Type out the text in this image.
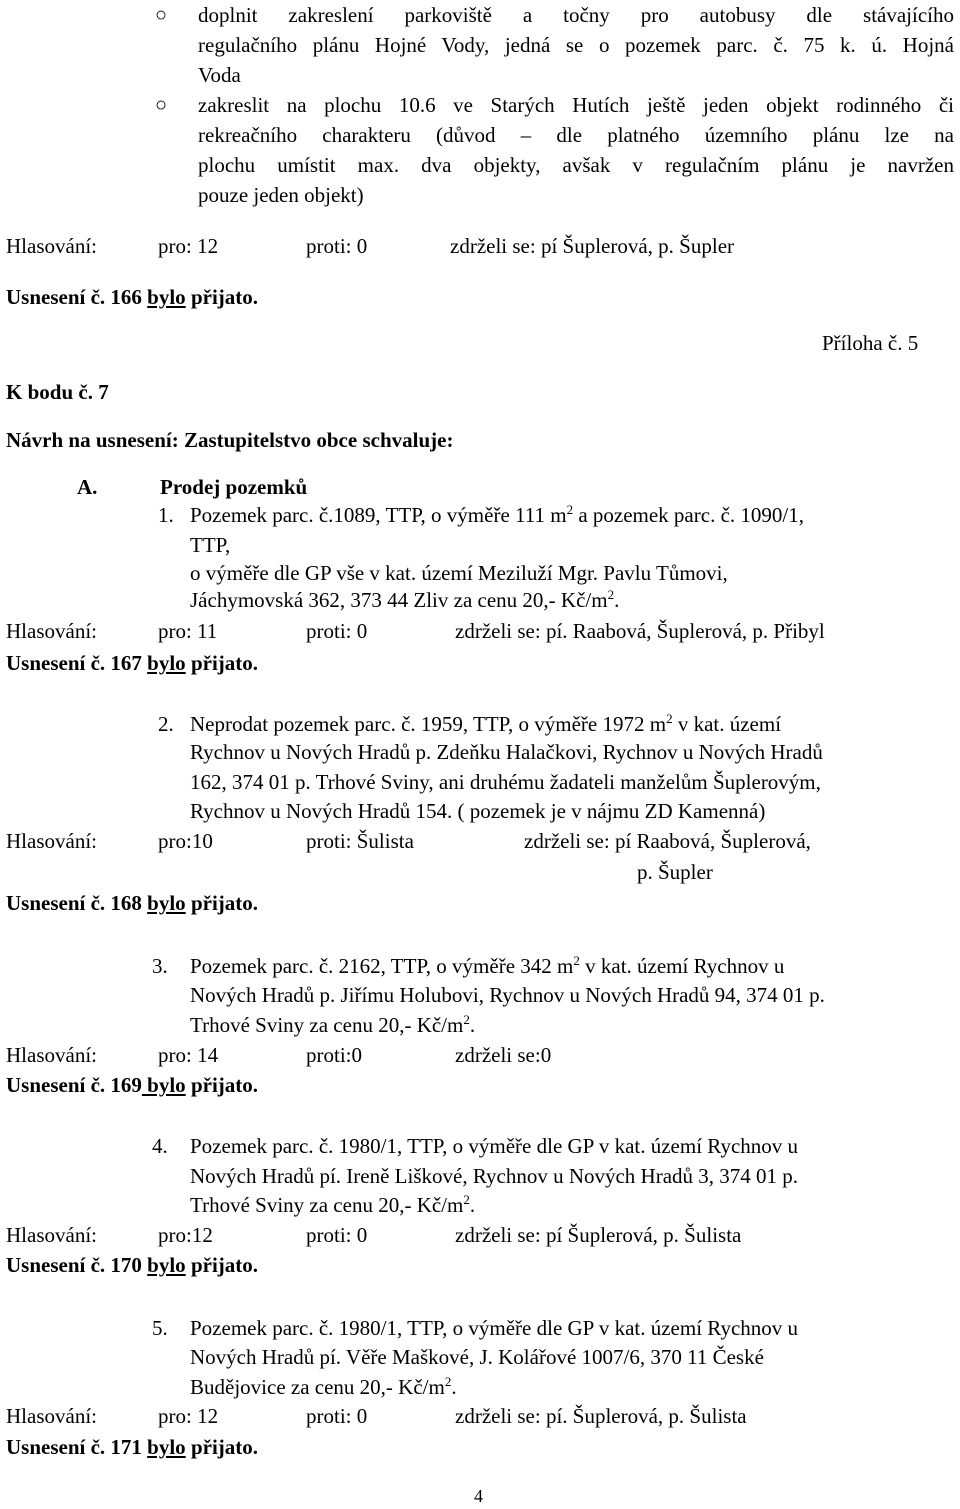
○ doplnit zakreslení parkoviště a točny pro autobusy dle stávajícího
regulačního plánu Hojné Vody, jedná se o pozemek parc. č. 75 k. ú. Hojná
Voda
○ zakreslit na plochu 10.6 ve Starých Hutích ještě jeden objekt rodinného či
rekreačního charakteru (důvod – dle platného územního plánu lze na
plochu umístit max. dva objekty, avšak v regulačním plánu je navržen
pouze jeden objekt)
Hlasování:	pro: 12	proti: 0	zdrželi se: pí Šuplerová, p. Šupler
Usnesení č. 166 bylo přijato.
Příloha č. 5
K bodu č. 7
Návrh na usnesení: Zastupitelstvo obce schvaluje:
A.	Prodej pozemků
1. Pozemek parc. č.1089, TTP, o výměře 111 $m^2$ a pozemek parc. č. 1090/1,
TTP,
o výměře dle GP vše v kat. území Meziluží Mgr. Pavlu Tůmovi,
Jáchymovská 362, 373 44 Zliv za cenu 20,- $Kč/m^2$.
Hlasování:	pro: 11	proti: 0	zdrželi se: pí. Raabová, Šuplerová, p. Přibyl
Usnesení č. 167 bylo přijato.
2. Neprodat pozemek parc. č. 1959, TTP, o výměře 1972 $m^2$ v kat. území
Rychnov u Nových Hradů p. Zdeňku Halačkovi, Rychnov u Nových Hradů
162, 374 01 p. Trhové Sviny, ani druhému žadateli manželům Šuplerovým,
Rychnov u Nových Hradů 154. ( pozemek je v nájmu ZD Kamenná)
Hlasování:	pro:10	proti: Šulista	zdrželi se: pí Raabová, Šuplerová,
p. Šupler
Usnesení č. 168 bylo přijato.
3. Pozemek parc. č. 2162, TTP, o výměře 342 $m^2$ v kat. území Rychnov u
Nových Hradů p. Jiřímu Holubovi, Rychnov u Nových Hradů 94, 374 01 p.
Trhové Sviny za cenu 20,- $Kč/m^2$.
Hlasování:	pro: 14	proti:0	zdrželi se:0
Usnesení č. 169 bylo přijato.
4. Pozemek parc. č. 1980/1, TTP, o výměře dle GP v kat. území Rychnov u
Nových Hradů pí. Ireně Liškové, Rychnov u Nových Hradů 3, 374 01 p.
Trhové Sviny za cenu 20,- $Kč/m^2$.
Hlasování:	pro:12	proti: 0	zdrželi se: pí Šuplerová, p. Šulista
Usnesení č. 170 bylo přijato.
5. Pozemek parc. č. 1980/1, TTP, o výměře dle GP v kat. území Rychnov u
Nových Hradů pí. Věře Maškové, J. Kolářové 1007/6, 370 11 České
Budějovice za cenu 20,- $Kč/m^2$.
Hlasování:	pro: 12	proti: 0	zdrželi se: pí. Šuplerová, p. Šulista
Usnesení č. 171 bylo přijato.
4
